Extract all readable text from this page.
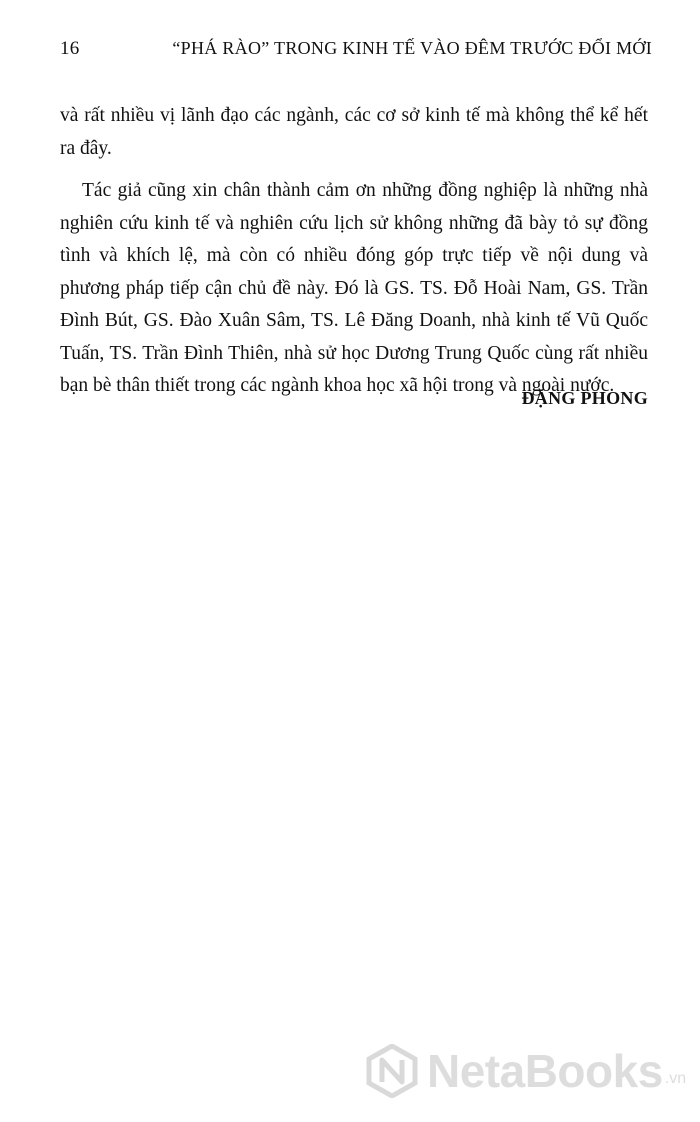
16	“PHÁ RÀO” TRONG KINH TẾ VÀO ĐÊM TRƯỚC ĐỔI MỚI

và rất nhiều vị lãnh đạo các ngành, các cơ sở kinh tế mà không thể kể hết ra đây.

Tác giả cũng xin chân thành cảm ơn những đồng nghiệp là những nhà nghiên cứu kinh tế và nghiên cứu lịch sử không những đã bày tỏ sự đồng tình và khích lệ, mà còn có nhiều đóng góp trực tiếp về nội dung và phương pháp tiếp cận chủ đề này. Đó là GS. TS. Đỗ Hoài Nam, GS. Trần Đình Bút, GS. Đào Xuân Sâm, TS. Lê Đăng Doanh, nhà kinh tế Vũ Quốc Tuấn, TS. Trần Đình Thiên, nhà sử học Dương Trung Quốc cùng rất nhiều bạn bè thân thiết trong các ngành khoa học xã hội trong và ngoài nước.

ĐẶNG PHONG
NetaBooks .vn
